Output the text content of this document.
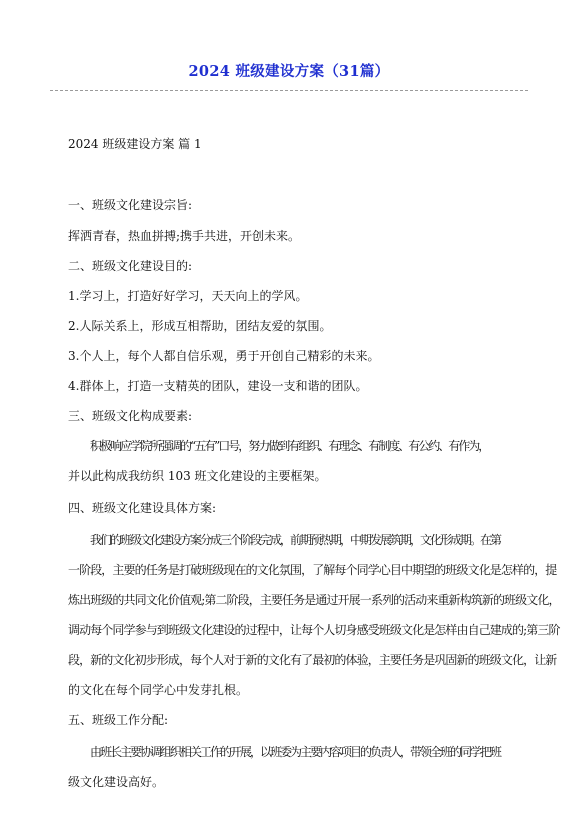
2024 班级建设方案（31篇）
2024 班级建设方案 篇 1
一、班级文化建设宗旨:
挥洒青春，热血拼搏;携手共进，开创未来。
二、班级文化建设目的:
1.学习上，打造好好学习，天天向上的学风。
2.人际关系上，形成互相帮助，团结友爱的氛围。
3.个人上，每个人都自信乐观，勇于开创自己精彩的未来。
4.群体上，打造一支精英的团队，建设一支和谐的团队。
三、班级文化构成要素:
积极响应学院所强调的“五有”口号，努力做到有组织、有理念、有制度、有公约、有作为，
并以此构成我纺织 103 班文化建设的主要框架。
四、班级文化建设具体方案:
我们的班级文化建设方案分成三个阶段完成，前期预热期，中期发展筑期，文化形成期。在第
一阶段，主要的任务是打破班级现在的文化氛围，了解每个同学心目中期望的班级文化是怎样的，提
炼出班级的共同文化价值观;第二阶段，主要任务是通过开展一系列的活动来重新构筑新的班级文化，
调动每个同学参与到班级文化建设的过程中，让每个人切身感受班级文化是怎样由自己建成的;第三阶
段，新的文化初步形成，每个人对于新的文化有了最初的体验，主要任务是巩固新的班级文化，让新
的文化在每个同学心中发芽扎根。
五、班级工作分配:
由班长主要协调组织相关工作的开展，以班委为主要内容项目的负责人，带领全班的同学把班
级文化建设高好。
